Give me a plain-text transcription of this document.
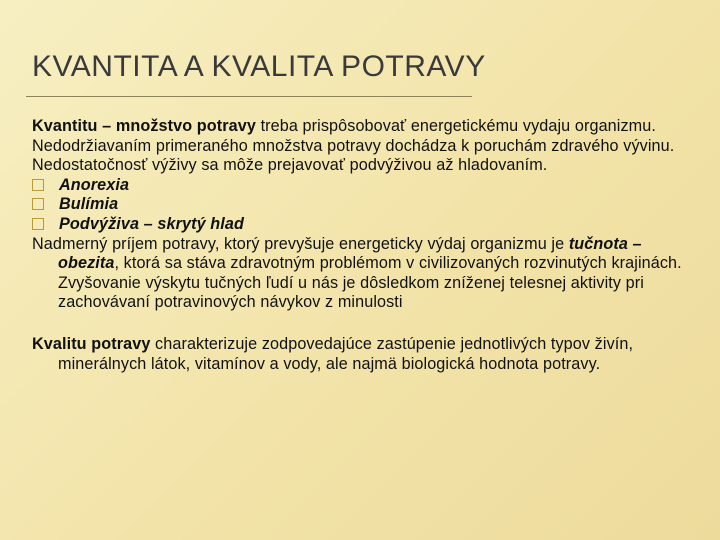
KVANTITA A KVALITA POTRAVY

Kvantitu – množstvo potravy treba prispôsobovať energetickému vydaju organizmu.

Nedodržiavaním primeraného množstva potravy dochádza k poruchám zdravého vývinu.

Nedostatočnosť výživy sa môže prejavovať podvýživou až hladovaním.

Anorexia

Bulímia

Podvýživa – skrytý hlad

Nadmerný príjem potravy, ktorý prevyšuje energeticky výdaj organizmu je tučnota – obezita, ktorá sa stáva zdravotným problémom v civilizovaných rozvinutých krajinách. Zvyšovanie výskytu tučných ľudí u nás je dôsledkom zníženej telesnej aktivity pri zachovávaní potravinových návykov z minulosti

Kvalitu potravy charakterizuje zodpovedajúce zastúpenie jednotlivých typov živín, minerálnych látok, vitamínov a vody, ale najmä biologická hodnota potravy.
